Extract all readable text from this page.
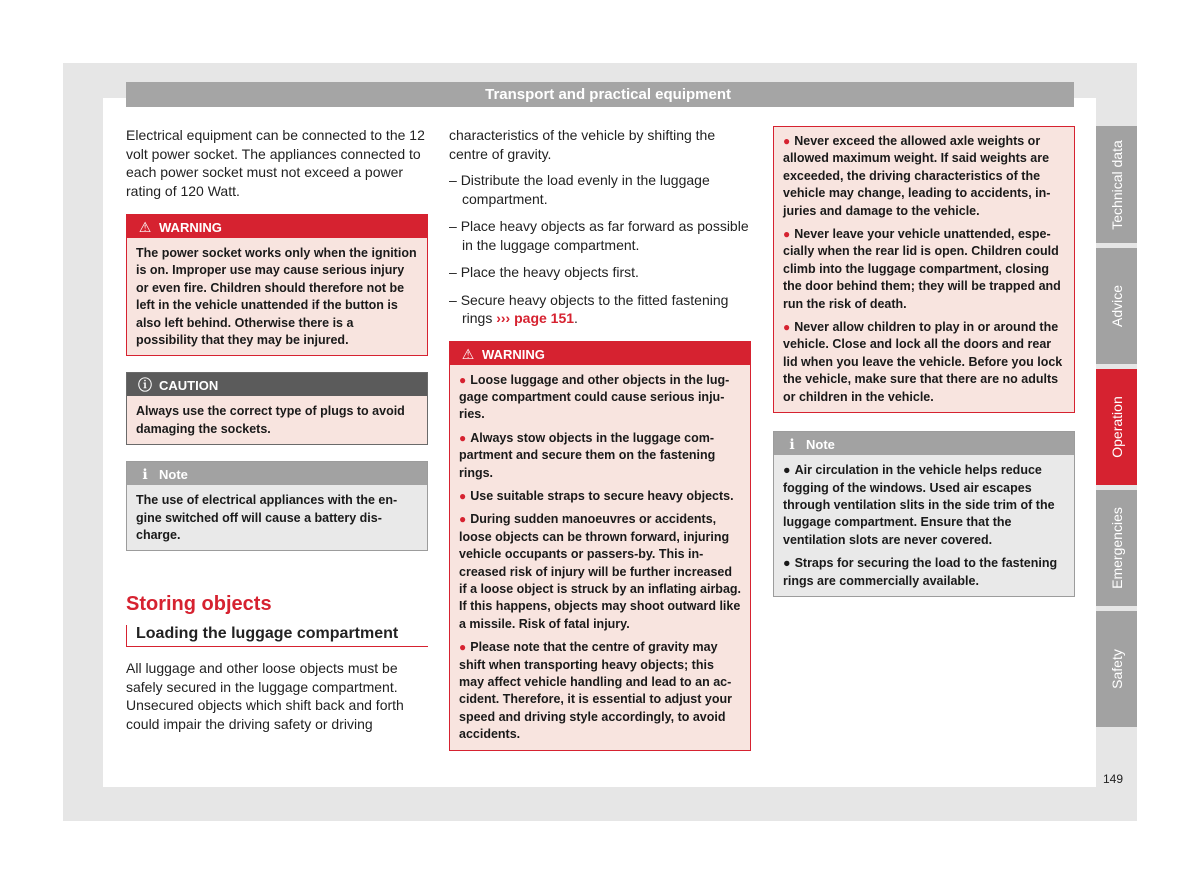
Transport and practical equipment

Electrical equipment can be connected to the 12 volt power socket. The appliances connected to each power socket must not exceed a power rating of 120 Watt.

⚠ WARNING
The power socket works only when the ignition is on. Improper use may cause serious injury or even fire. Children should therefore not be left in the vehicle unattended if the button is also left behind. Otherwise there is a possibility that they may be injured.
ⓘ CAUTION
Always use the correct type of plugs to avoid damaging the sockets.
ℹ Note
The use of electrical appliances with the engine switched off will cause a battery discharge.
Storing objects
Loading the luggage compartment

All luggage and other loose objects must be safely secured in the luggage compartment. Unsecured objects which shift back and forth could impair the driving safety or driving

characteristics of the vehicle by shifting the centre of gravity.

– Distribute the load evenly in the luggage compartment.

– Place heavy objects as far forward as possible in the luggage compartment.

– Place the heavy objects first.

– Secure heavy objects to the fitted fastening rings ››› page 151.

⚠ WARNING
● Loose luggage and other objects in the luggage compartment could cause serious injuries.
● Always stow objects in the luggage compartment and secure them on the fastening rings.
● Use suitable straps to secure heavy objects.
● During sudden manoeuvres or accidents, loose objects can be thrown forward, injuring vehicle occupants or passers-by. This increased risk of injury will be further increased if a loose object is struck by an inflating airbag. If this happens, objects may shoot outward like a missile. Risk of fatal injury.
● Please note that the centre of gravity may shift when transporting heavy objects; this may affect vehicle handling and lead to an accident. Therefore, it is essential to adjust your speed and driving style accordingly, to avoid accidents.
● Never exceed the allowed axle weights or allowed maximum weight. If said weights are exceeded, the driving characteristics of the vehicle may change, leading to accidents, injuries and damage to the vehicle.
● Never leave your vehicle unattended, especially when the rear lid is open. Children could climb into the luggage compartment, closing the door behind them; they will be trapped and run the risk of death.
● Never allow children to play in or around the vehicle. Close and lock all the doors and rear lid when you leave the vehicle. Before you lock the vehicle, make sure that there are no adults or children in the vehicle.
ℹ Note
● Air circulation in the vehicle helps reduce fogging of the windows. Used air escapes through ventilation slits in the side trim of the luggage compartment. Ensure that the ventilation slots are never covered.
● Straps for securing the load to the fastening rings are commercially available.
Technical data
Advice
Operation
Emergencies
Safety
149
